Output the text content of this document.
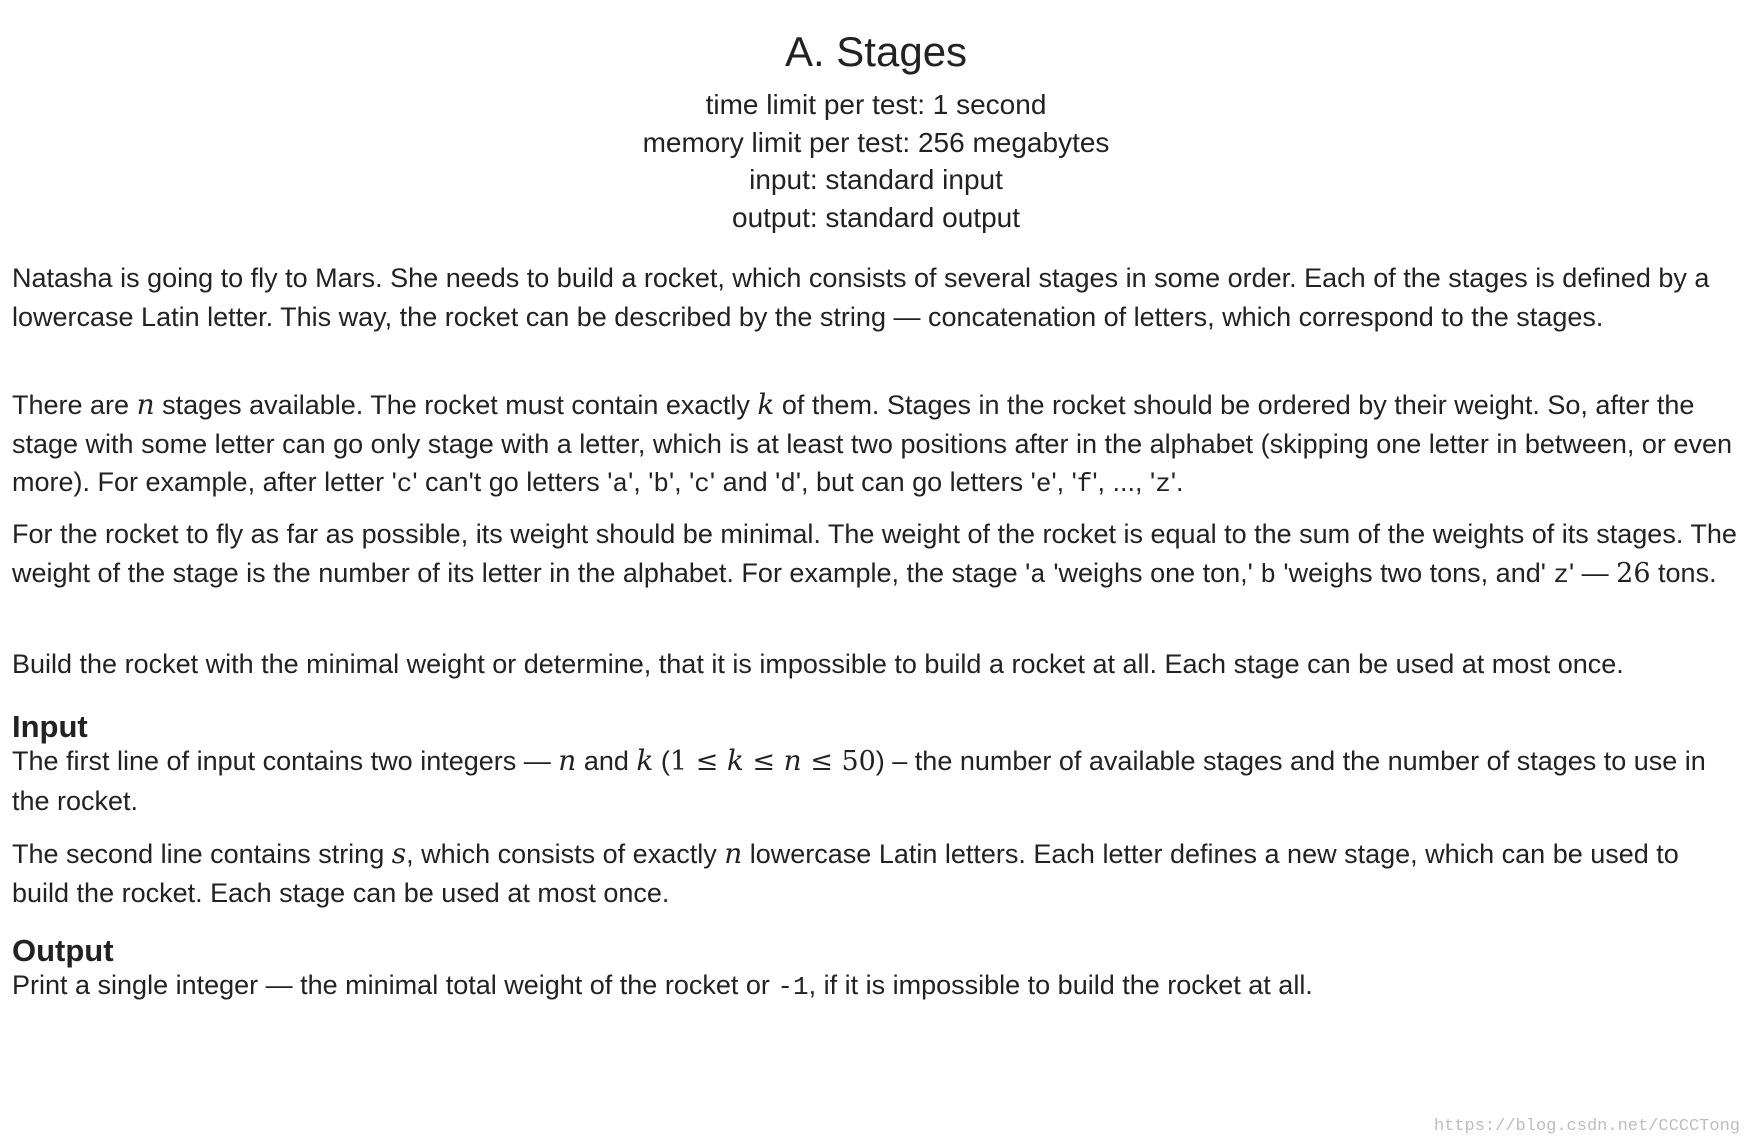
A. Stages
time limit per test: 1 second
memory limit per test: 256 megabytes
input: standard input
output: standard output
Natasha is going to fly to Mars. She needs to build a rocket, which consists of several stages in some order. Each of the stages is defined by a lowercase Latin letter. This way, the rocket can be described by the string — concatenation of letters, which correspond to the stages.
There are n stages available. The rocket must contain exactly k of them. Stages in the rocket should be ordered by their weight. So, after the stage with some letter can go only stage with a letter, which is at least two positions after in the alphabet (skipping one letter in between, or even more). For example, after letter 'c' can't go letters 'a', 'b', 'c' and 'd', but can go letters 'e', 'f', ..., 'z'.
For the rocket to fly as far as possible, its weight should be minimal. The weight of the rocket is equal to the sum of the weights of its stages. The weight of the stage is the number of its letter in the alphabet. For example, the stage 'a 'weighs one ton,' b 'weighs two tons, and' z' — 26 tons.
Build the rocket with the minimal weight or determine, that it is impossible to build a rocket at all. Each stage can be used at most once.
Input
The first line of input contains two integers — n and k (1 ≤ k ≤ n ≤ 50) – the number of available stages and the number of stages to use in the rocket.
The second line contains string s, which consists of exactly n lowercase Latin letters. Each letter defines a new stage, which can be used to build the rocket. Each stage can be used at most once.
Output
Print a single integer — the minimal total weight of the rocket or -1, if it is impossible to build the rocket at all.
https://blog.csdn.net/CCCCTong
